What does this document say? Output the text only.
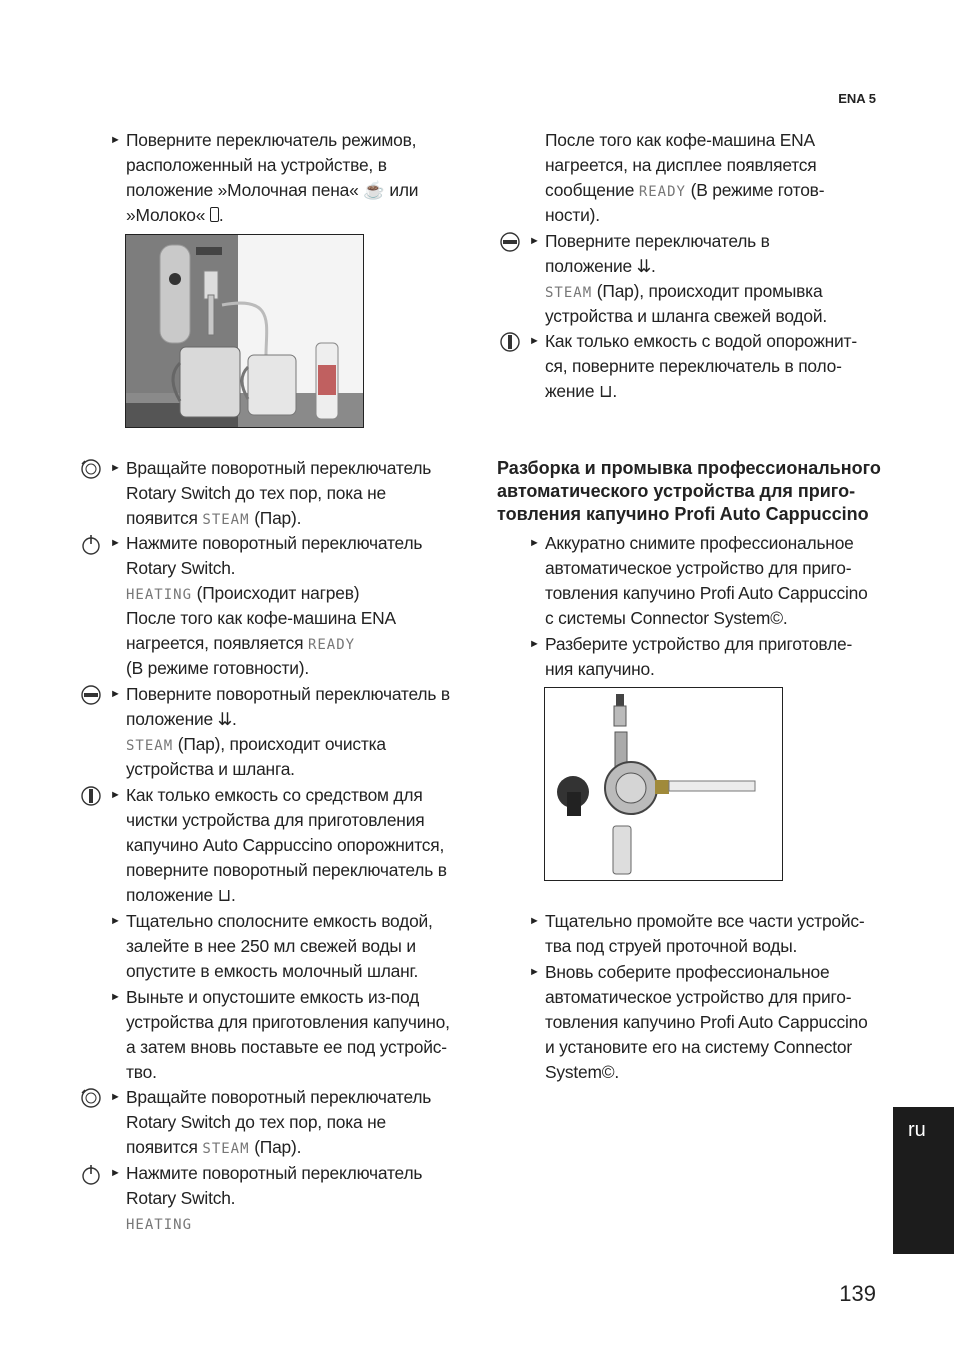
ENA 5
► Поверните переключатель режимов,
расположенный на устройстве, в
положение »Молочная пена« ☕ или
»Молоко« .
► Вращайте поворотный переключатель
Rotary Switch до тех пор, пока не
появится STEAM (Пар).
► Нажмите поворотный переключатель
Rotary Switch.
HEATING (Происходит нагрев)
После того как кофе-машина ENA
нагреется, появляется READY
(В режиме готовности).
► Поверните поворотный переключатель в
положение ⇊.
STEAM (Пар), происходит очистка
устройства и шланга.
► Как только емкость со средством для
чистки устройства для приготовления
капучино Auto Cappuccino опорожнится,
поверните поворотный переключатель в
положение ⊔.
► Тщательно сполосните емкость водой,
залейте в нее 250 мл свежей воды и
опустите в емкость молочный шланг.
► Выньте и опустошите емкость из-под
устройства для приготовления капучино,
а затем вновь поставьте ее под устройс-
тво.
► Вращайте поворотный переключатель
Rotary Switch до тех пор, пока не
появится STEAM (Пар).
► Нажмите поворотный переключатель
Rotary Switch.
HEATING
После того как кофе-машина ENA
нагреется, на дисплее появляется
сообщение READY (В режиме готов-
ности).
► Поверните переключатель в
положение ⇊.
STEAM (Пар), происходит промывка
устройства и шланга свежей водой.
► Как только емкость с водой опорожнит-
ся, поверните переключатель в поло-
жение ⊔.
Разборка и промывка профессионального
автоматического устройства для приго-
товления капучино Profi Auto Cappuccino
► Аккуратно снимите профессиональное
автоматическое устройство для приго-
товления капучино Profi Auto Cappuccino
с системы Connector System©.
► Разберите устройство для приготовле-
ния капучино.
► Тщательно промойте все части устройс-
тва под струей проточной воды.
► Вновь соберите профессиональное
автоматическое устройство для приго-
товления капучино Profi Auto Cappuccino
и установите его на систему Connector
System©.
ru
139
